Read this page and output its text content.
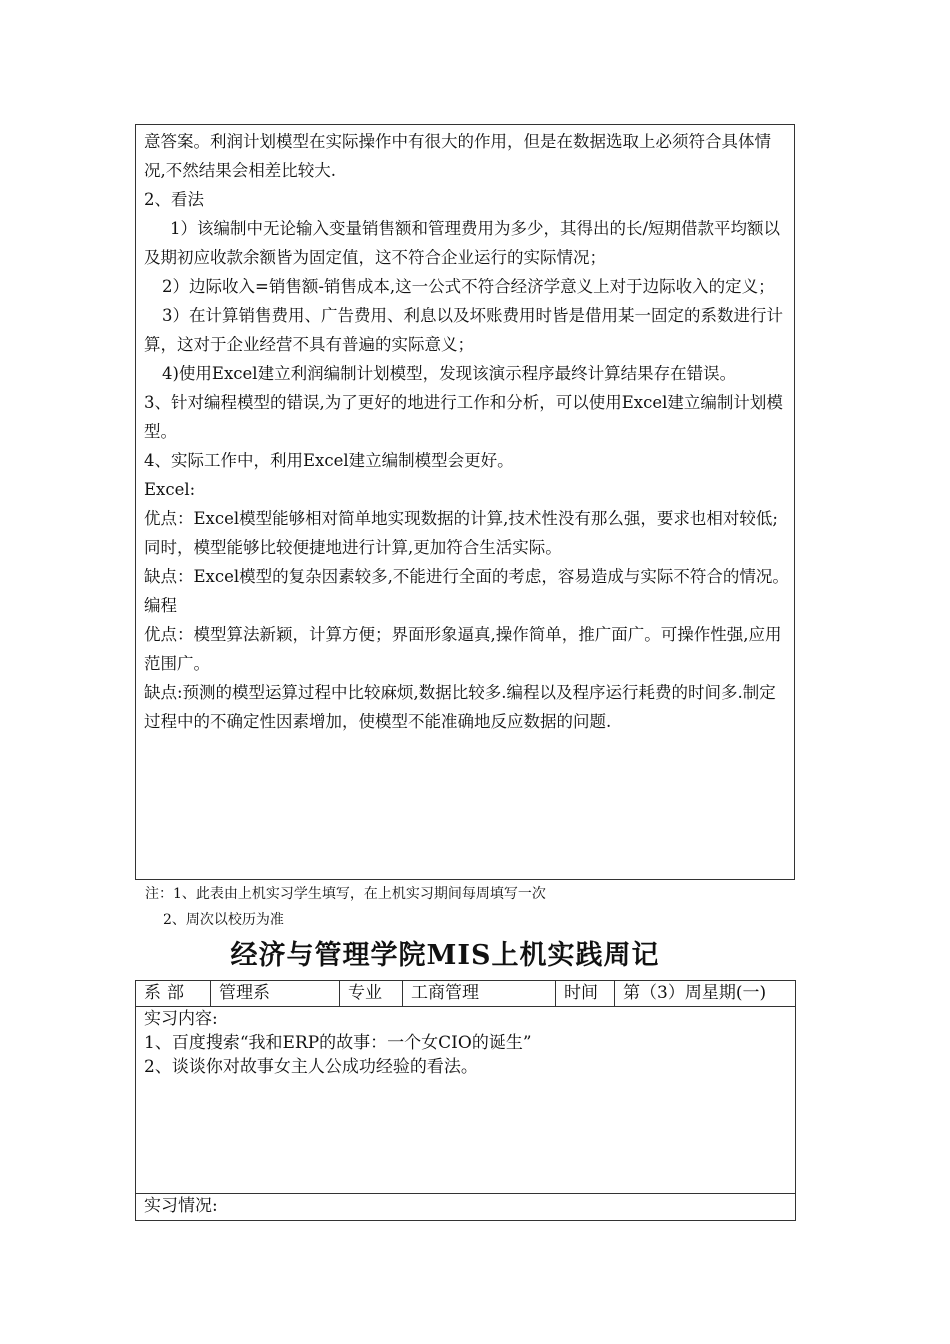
意答案。利润计划模型在实际操作中有很大的作用，但是在数据选取上必须符合具体情况,不然结果会相差比较大.

2、看法

1）该编制中无论输入变量销售额和管理费用为多少，其得出的长/短期借款平均额以及期初应收款余额皆为固定值，这不符合企业运行的实际情况；

2）边际收入=销售额-销售成本,这一公式不符合经济学意义上对于边际收入的定义；

3）在计算销售费用、广告费用、利息以及坏账费用时皆是借用某一固定的系数进行计算，这对于企业经营不具有普遍的实际意义；

4)使用Excel建立利润编制计划模型，发现该演示程序最终计算结果存在错误。

3、针对编程模型的错误,为了更好的地进行工作和分析，可以使用Excel建立编制计划模型。

4、实际工作中，利用Excel建立编制模型会更好。

Excel:

优点：Excel模型能够相对简单地实现数据的计算,技术性没有那么强，要求也相对较低;同时，模型能够比较便捷地进行计算,更加符合生活实际。

缺点：Excel模型的复杂因素较多,不能进行全面的考虑，容易造成与实际不符合的情况。

编程

优点：模型算法新颖，计算方便；界面形象逼真,操作简单，推广面广。可操作性强,应用范围广。

缺点:预测的模型运算过程中比较麻烦,数据比较多.编程以及程序运行耗费的时间多.制定过程中的不确定性因素增加，使模型不能准确地反应数据的问题.

注：1、此表由上机实习学生填写，在上机实习期间每周填写一次

2、周次以校历为准

经济与管理学院MIS上机实践周记
系部	管理系	专业	工商管理	时间	第（3）周星期(一)

实习内容:

1、百度搜索“我和ERP的故事：一个女CIO的诞生”

2、谈谈你对故事女主人公成功经验的看法。

实习情况:
